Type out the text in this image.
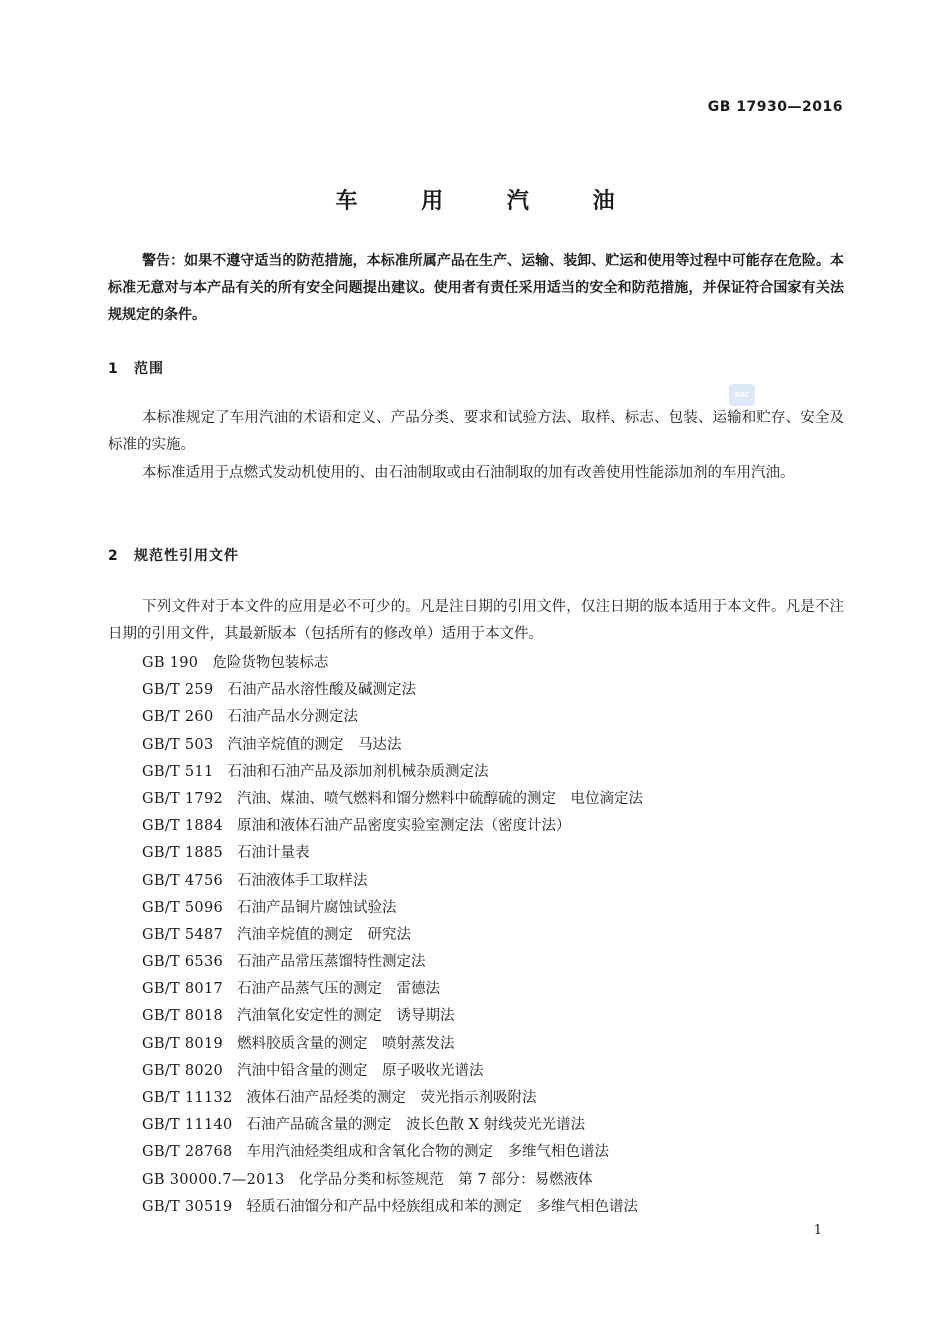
GB 17930—2016
车 用 汽 油
警告：如果不遵守适当的防范措施，本标准所属产品在生产、运输、装卸、贮运和使用等过程中可能存在危险。本标准无意对与本产品有关的所有安全问题提出建议。使用者有责任采用适当的安全和防范措施，并保证符合国家有关法规规定的条件。
1 范围
本标准规定了车用汽油的术语和定义、产品分类、要求和试验方法、取样、标志、包装、运输和贮存、安全及标准的实施。
本标准适用于点燃式发动机使用的、由石油制取或由石油制取的加有改善使用性能添加剂的车用汽油。
SAC
2 规范性引用文件
下列文件对于本文件的应用是必不可少的。凡是注日期的引用文件，仅注日期的版本适用于本文件。凡是不注日期的引用文件，其最新版本（包括所有的修改单）适用于本文件。
GB 190 危险货物包装标志
GB/T 259 石油产品水溶性酸及碱测定法
GB/T 260 石油产品水分测定法
GB/T 503 汽油辛烷值的测定　马达法
GB/T 511 石油和石油产品及添加剂机械杂质测定法
GB/T 1792 汽油、煤油、喷气燃料和馏分燃料中硫醇硫的测定　电位滴定法
GB/T 1884 原油和液体石油产品密度实验室测定法（密度计法）
GB/T 1885 石油计量表
GB/T 4756 石油液体手工取样法
GB/T 5096 石油产品铜片腐蚀试验法
GB/T 5487 汽油辛烷值的测定　研究法
GB/T 6536 石油产品常压蒸馏特性测定法
GB/T 8017 石油产品蒸气压的测定　雷德法
GB/T 8018 汽油氧化安定性的测定　诱导期法
GB/T 8019 燃料胶质含量的测定　喷射蒸发法
GB/T 8020 汽油中铅含量的测定　原子吸收光谱法
GB/T 11132 液体石油产品烃类的测定　荧光指示剂吸附法
GB/T 11140 石油产品硫含量的测定　波长色散 X 射线荧光光谱法
GB/T 28768 车用汽油烃类组成和含氧化合物的测定　多维气相色谱法
GB 30000.7—2013 化学品分类和标签规范　第 7 部分：易燃液体
GB/T 30519 轻质石油馏分和产品中烃族组成和苯的测定　多维气相色谱法
1
